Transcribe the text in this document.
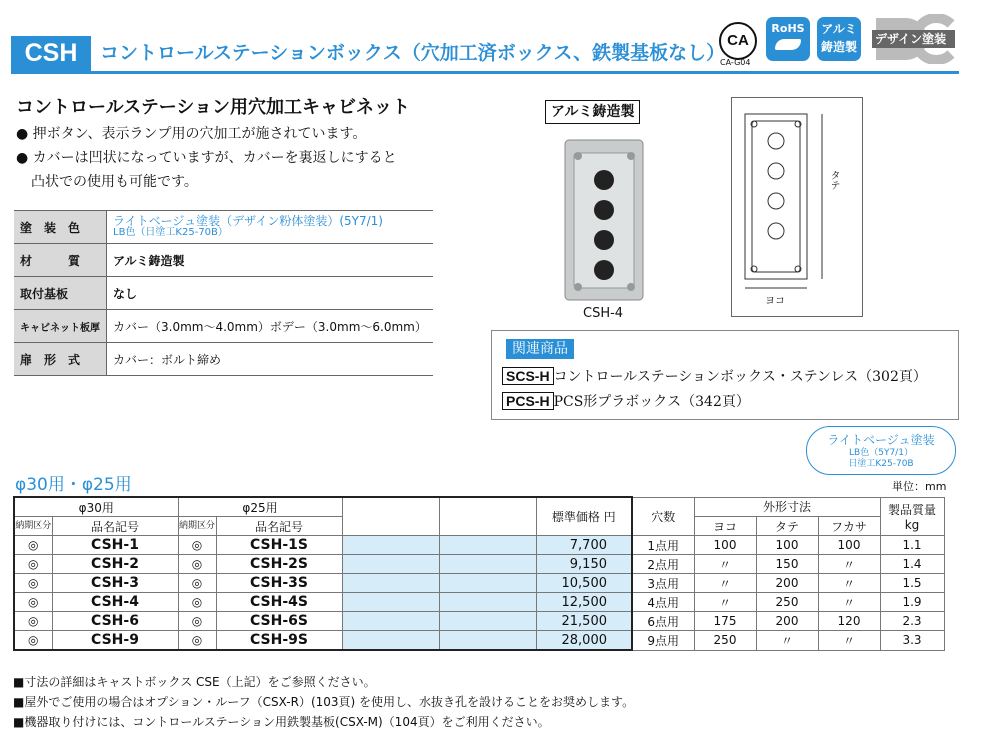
CSH	コントロールステーションボックス（穴加工済ボックス、鉄製基板なし）
CA
CA-G04
RoHS	アルミ鋳造製
デザイン塗装
コントロールステーション用穴加工キャビネット
● 押ボタン、表示ランプ用の穴加工が施されています。
● カバーは凹状になっていますが、カバーを裏返しにすると
凸状での使用も可能です。
塗　装　色	ライトベージュ塗装（デザイン粉体塗装）(5Y7/1)
LB色（日塗工K25-70B）

材　　　質	アルミ鋳造製
取付基板	なし
キャビネット板厚	カバー（3.0mm〜4.0mm）ボデー（3.0mm〜6.0mm）
扉　形　式	カバー：ボルト締め
アルミ鋳造製
CSH-4
タテ
ヨコ
関連商品
SCS-H コントロールステーションボックス・ステンレス（302頁）
PCS-H PCS形プラボックス（342頁）
ライトベージュ塗装
LB色（5Y7/1）
日塗工K25-70B
φ30用・φ25用	単位：mm
φ30用		φ25用				標準価格 円	穴数	外形寸法			製品質量
kg

納期区分	品名記号	納期区分	品名記号					ヨコ	タテ	フカサ	
◎	CSH-1	◎	CSH-1S			7,700	1点用	100	100	100	1.1
◎	CSH-2	◎	CSH-2S			9,150	2点用	〃	150	〃	1.4
◎	CSH-3	◎	CSH-3S			10,500	3点用	〃	200	〃	1.5
◎	CSH-4	◎	CSH-4S			12,500	4点用	〃	250	〃	1.9
◎	CSH-6	◎	CSH-6S			21,500	6点用	175	200	120	2.3
◎	CSH-9	◎	CSH-9S			28,000	9点用	250	〃	〃	3.3
■寸法の詳細はキャストボックス CSE（上記）をご参照ください。
■屋外でご使用の場合はオプション・ルーフ（CSX-R）(103頁) を使用し、水抜き孔を設けることをお奨めします。
■機器取り付けには、コントロールステーション用鉄製基板(CSX-M)（104頁）をご利用ください。
